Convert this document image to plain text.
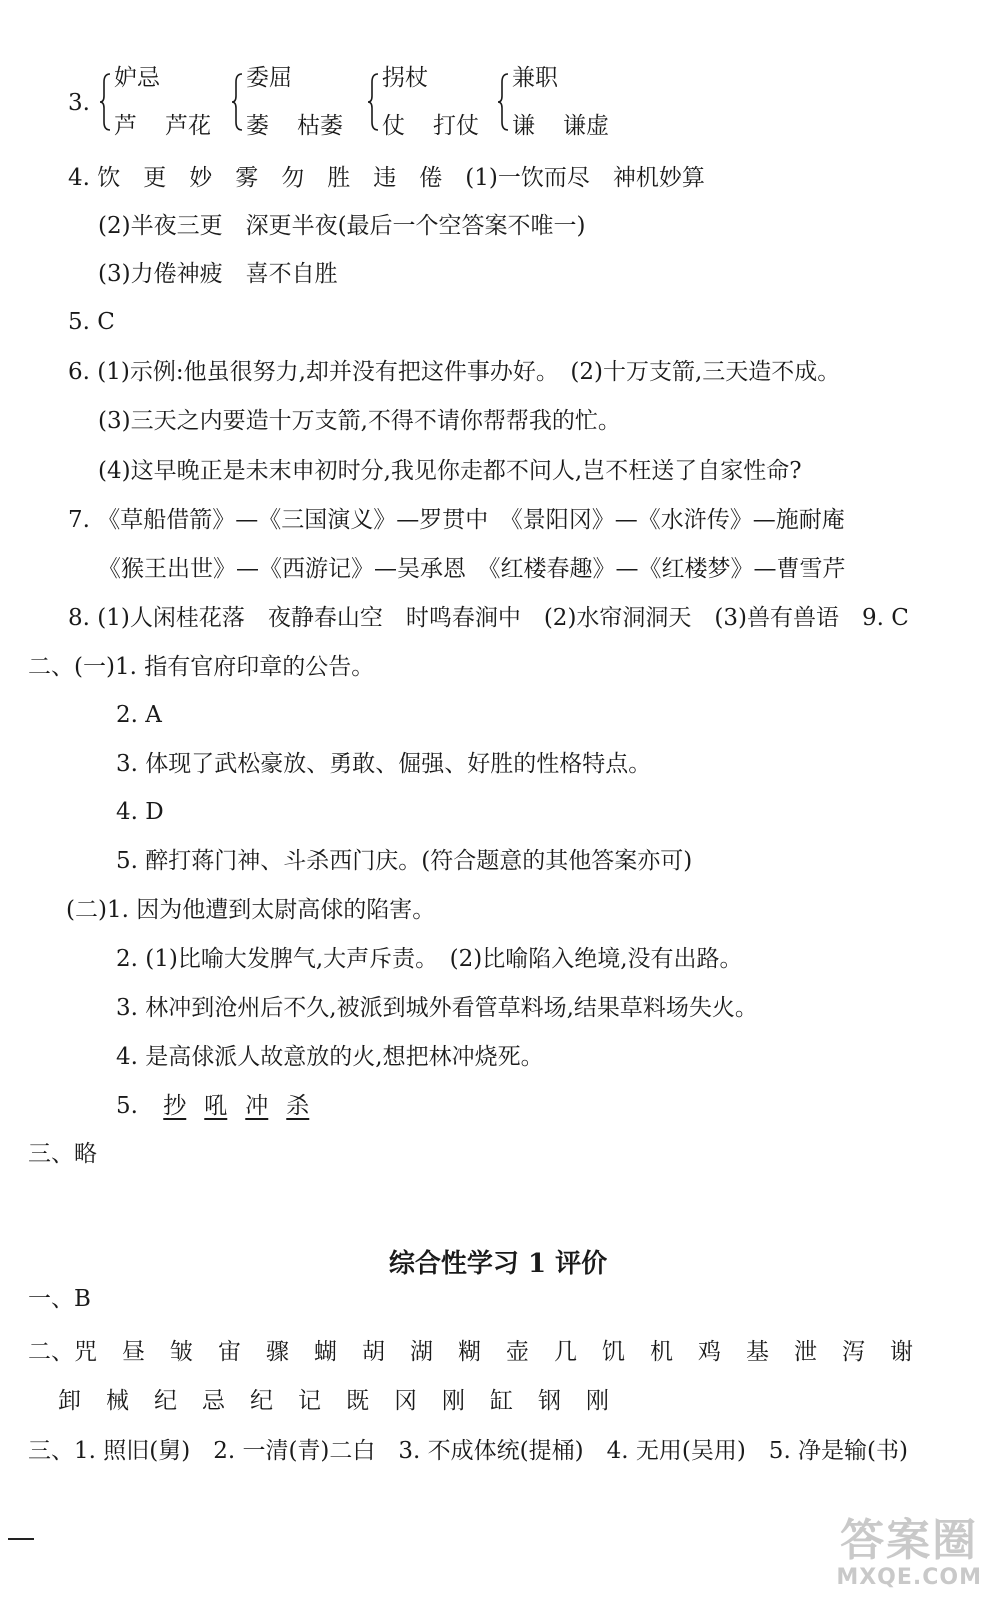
3.
妒忌
芦 芦花
委屈
萎 枯萎
拐杖
仗 打仗
兼职
谦 谦虚
4. 饮　更　妙　雾　勿　胜　违　倦　(1)一饮而尽　神机妙算
(2)半夜三更　深更半夜(最后一个空答案不唯一)
(3)力倦神疲　喜不自胜
5. C
6. (1)示例:他虽很努力,却并没有把这件事办好。　(2)十万支箭,三天造不成。
(3)三天之内要造十万支箭,不得不请你帮帮我的忙。
(4)这早晚正是未末申初时分,我见你走都不问人,岂不枉送了自家性命?
7. 《草船借箭》—《三国演义》—罗贯中　《景阳冈》—《水浒传》—施耐庵
《猴王出世》—《西游记》—吴承恩　《红楼春趣》—《红楼梦》—曹雪芹
8. (1)人闲桂花落　夜静春山空　时鸣春涧中　(2)水帘洞洞天　(3)兽有兽语　9. C
二、(一)1. 指有官府印章的公告。
2. A
3. 体现了武松豪放、勇敢、倔强、好胜的性格特点。
4. D
5. 醉打蒋门神、斗杀西门庆。(符合题意的其他答案亦可)
(二)1. 因为他遭到太尉高俅的陷害。
2. (1)比喻大发脾气,大声斥责。　(2)比喻陷入绝境,没有出路。
3. 林冲到沧州后不久,被派到城外看管草料场,结果草料场失火。
4. 是高俅派人故意放的火,想把林冲烧死。
5. 抄 吼 冲 杀
三、略
综合性学习 1 评价
一、B
二、咒 昼 皱 宙 骤 蝴 胡 湖 糊 壶 几 饥 机 鸡 基 泄 泻 谢
卸 械 纪 忌 纪 记 既 冈 刚 缸 钢 刚
三、1. 照旧(舅)　2. 一清(青)二白　3. 不成体统(提桶)　4. 无用(吴用)　5. 净是输(书)
答案圈
MXQE.COM
